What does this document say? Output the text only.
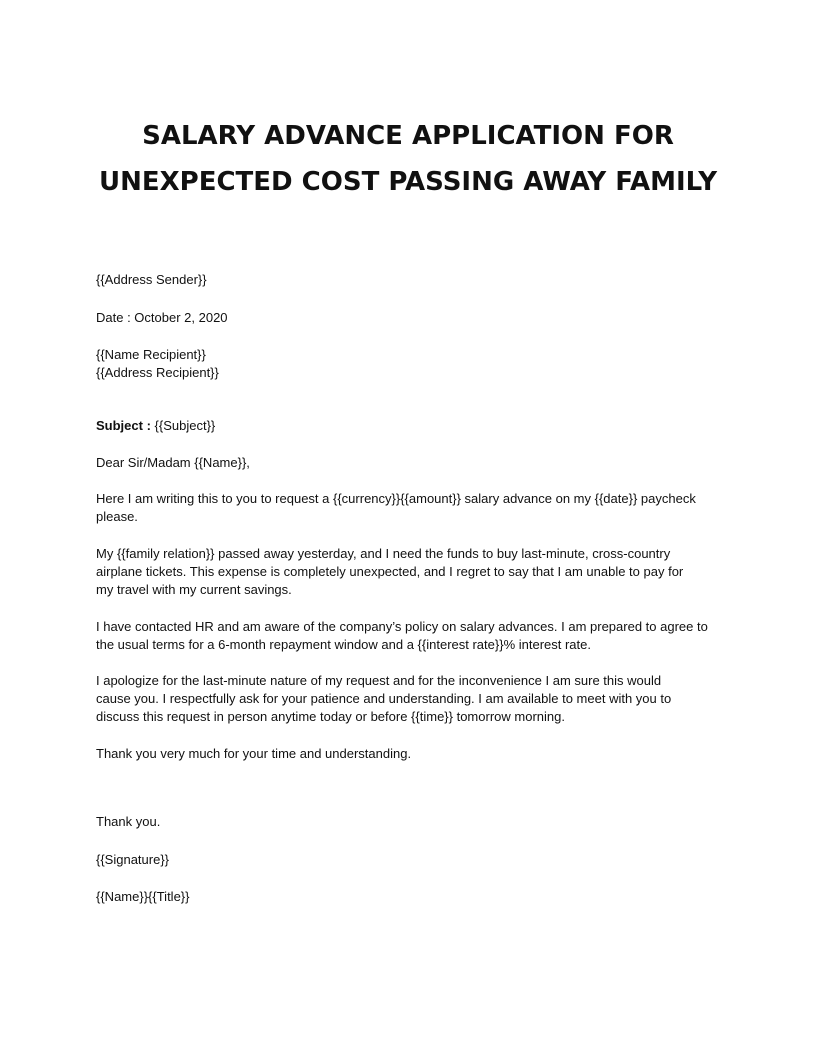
SALARY ADVANCE APPLICATION FOR
UNEXPECTED COST PASSING AWAY FAMILY
{{Address Sender}}
Date : October 2, 2020
{{Name Recipient}}
{{Address Recipient}}
Subject : {{Subject}}
Dear Sir/Madam {{Name}},
Here I am writing this to you to request a {{currency}}{{amount}} salary advance on my {{date}} paycheck
please.
My {{family relation}} passed away yesterday, and I need the funds to buy last-minute, cross-country
airplane tickets. This expense is completely unexpected, and I regret to say that I am unable to pay for
my travel with my current savings.
I have contacted HR and am aware of the company’s policy on salary advances. I am prepared to agree to
the usual terms for a 6-month repayment window and a {{interest rate}}% interest rate.
I apologize for the last-minute nature of my request and for the inconvenience I am sure this would
cause you. I respectfully ask for your patience and understanding. I am available to meet with you to
discuss this request in person anytime today or before {{time}} tomorrow morning.
Thank you very much for your time and understanding.
Thank you.
{{Signature}}
{{Name}}{{Title}}
